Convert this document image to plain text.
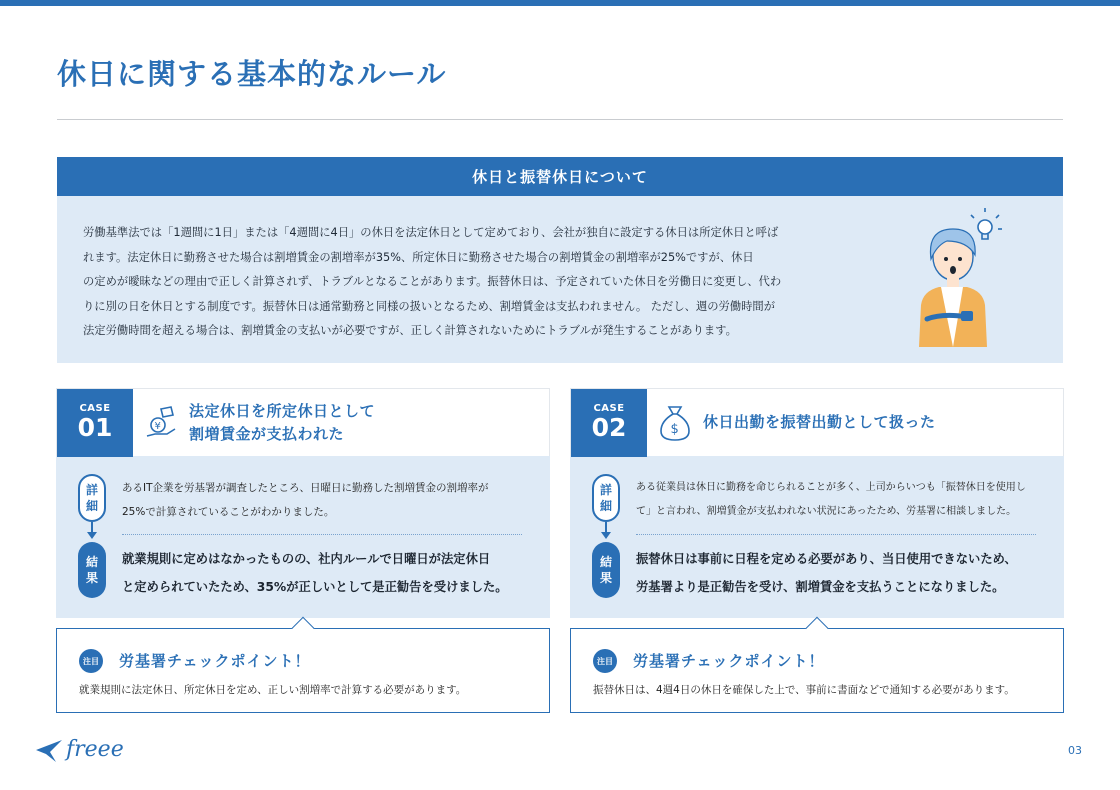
休日に関する基本的なルール
休日と振替休日について
労働基準法では「1週間に1日」または「4週間に4日」の休日を法定休日として定めており、会社が独自に設定する休日は所定休日と呼ば
れます。法定休日に勤務させた場合は割増賃金の割増率が35%、所定休日に勤務させた場合の割増賃金の割増率が25%ですが、休日
の定めが曖昧などの理由で正しく計算されず、トラブルとなることがあります。振替休日は、予定されていた休日を労働日に変更し、代わ
りに別の日を休日とする制度です。振替休日は通常勤務と同様の扱いとなるため、割増賃金は支払われません。 ただし、週の労働時間が
法定労働時間を超える場合は、割増賃金の支払いが必要ですが、正しく計算されないためにトラブルが発生することがあります。
CASE
01	¥
法定休日を所定休日として
割増賃金が支払われた
詳
細
結
果
あるIT企業を労基署が調査したところ、日曜日に勤務した割増賃金の割増率が
25%で計算されていることがわかりました。
就業規則に定めはなかったものの、社内ルールで日曜日が法定休日
と定められていたため、35%が正しいとして是正勧告を受けました。
CASE
02	$ 休日出勤を振替出勤として扱った
詳
細
結
果
ある従業員は休日に勤務を命じられることが多く、上司からいつも「振替休日を使用し
て」と言われ、割増賃金が支払われない状況にあったため、労基署に相談しました。
振替休日は事前に日程を定める必要があり、当日使用できないため、
労基署より是正勧告を受け、割増賃金を支払うことになりました。
注目 労基署チェックポイント！
就業規則に法定休日、所定休日を定め、正しい割増率で計算する必要があります。
注目 労基署チェックポイント！
振替休日は、4週4日の休日を確保した上で、事前に書面などで通知する必要があります。
freee	03
